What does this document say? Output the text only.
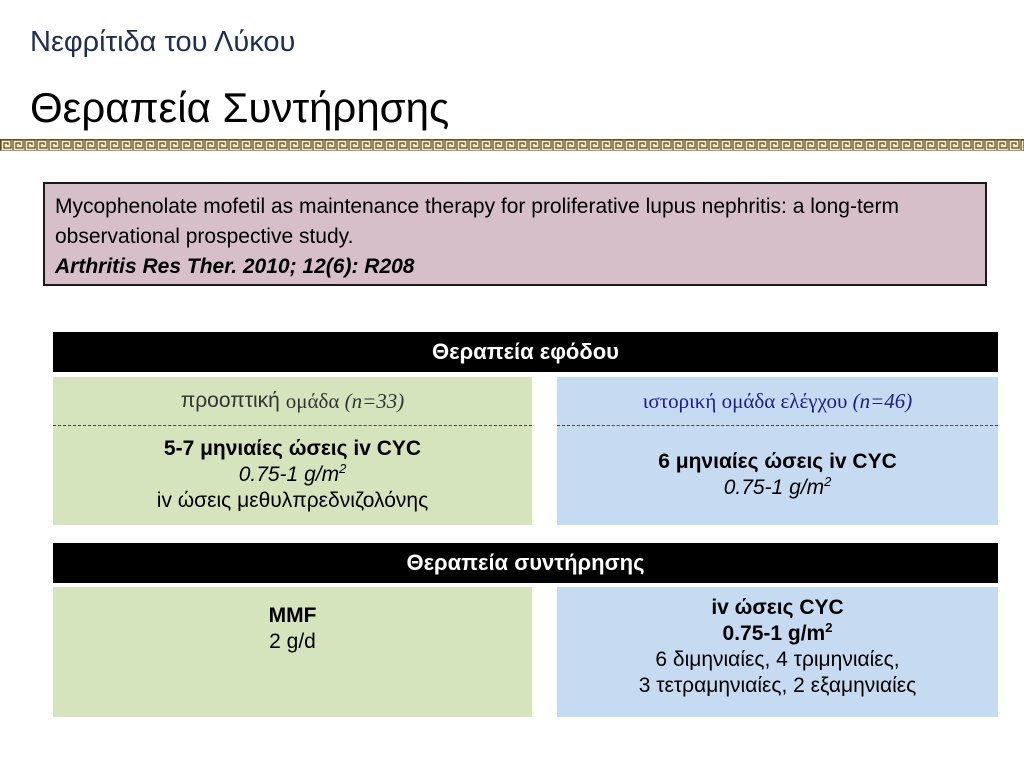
Νεφρίτιδα του Λύκου
Θεραπεία Συντήρησης
Mycophenolate mofetil as maintenance therapy for proliferative lupus nephritis: a long-term observational prospective study.
Arthritis Res Ther. 2010; 12(6): R208
Θεραπεία εφόδου
προοπτική
ομάδα (n=33)
5-7 μηνιαίες ώσεις iv CYC
0.75-1 $g/m^2$
iv ώσεις μεθυλπρεδνιζολόνης
ιστορική ομάδα ελέγχου
(n=46)
6 μηνιαίες ώσεις iv CYC
0.75-1 $g/m^2$
Θεραπεία συντήρησης
MMF
2 g/d
iv ώσεις CYC
0.75-1 $g/m^2$
6 διμηνιαίες, 4 τριμηνιαίες,
3 τετραμηνιαίες, 2 εξαμηνιαίες
